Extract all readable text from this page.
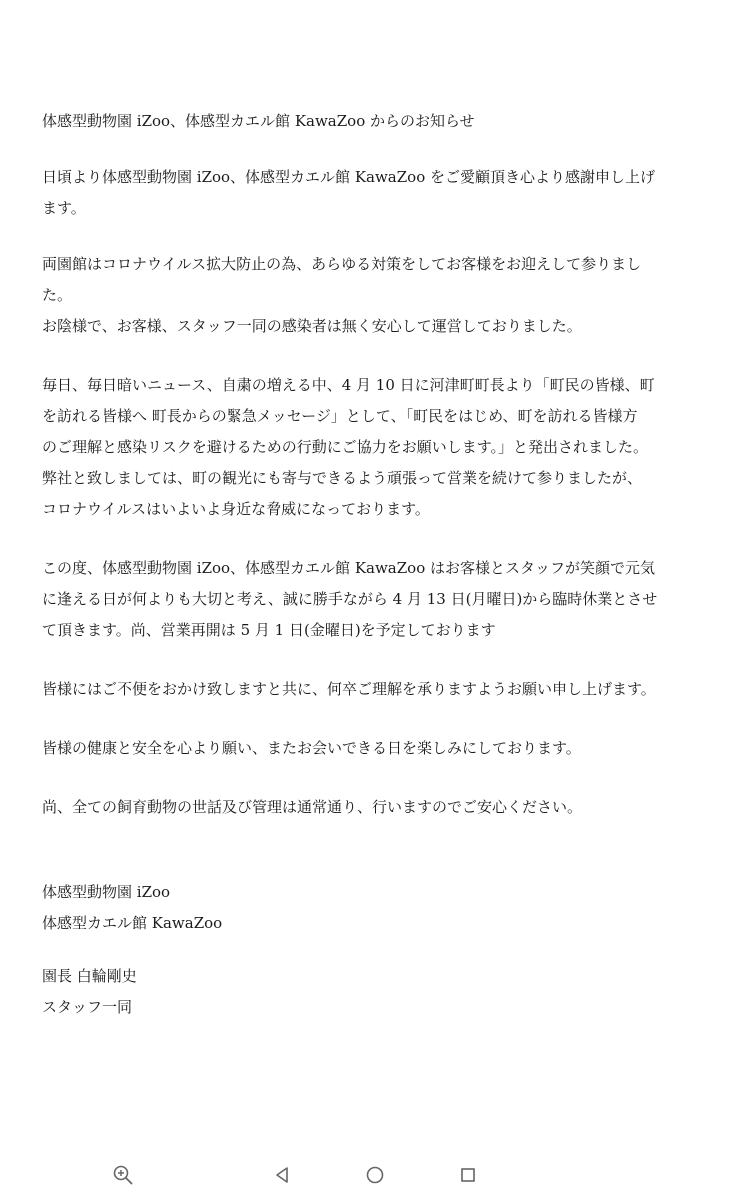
体感型動物園 iZoo、体感型カエル館 KawaZoo からのお知らせ
日頃より体感型動物園 iZoo、体感型カエル館 KawaZoo をご愛顧頂き心より感謝申し上げ
ます。
両園館はコロナウイルス拡大防止の為、あらゆる対策をしてお客様をお迎えして参りまし
た。
お陰様で、お客様、スタッフ一同の感染者は無く安心して運営しておりました。
毎日、毎日暗いニュース、自粛の増える中、4 月 10 日に河津町町長より「町民の皆様、町
を訪れる皆様へ 町長からの緊急メッセージ」として、「町民をはじめ、町を訪れる皆様方
のご理解と感染リスクを避けるための行動にご協力をお願いします。」と発出されました。
弊社と致しましては、町の観光にも寄与できるよう頑張って営業を続けて参りましたが、
コロナウイルスはいよいよ身近な脅威になっております。
この度、体感型動物園 iZoo、体感型カエル館 KawaZoo はお客様とスタッフが笑顔で元気
に逢える日が何よりも大切と考え、誠に勝手ながら 4 月 13 日(月曜日)から臨時休業とさせ
て頂きます。尚、営業再開は 5 月 1 日(金曜日)を予定しております
皆様にはご不便をおかけ致しますと共に、何卒ご理解を承りますようお願い申し上げます。
皆様の健康と安全を心より願い、またお会いできる日を楽しみにしております。
尚、全ての飼育動物の世話及び管理は通常通り、行いますのでご安心ください。
体感型動物園 iZoo
体感型カエル館 KawaZoo
園長 白輪剛史
スタッフ一同
